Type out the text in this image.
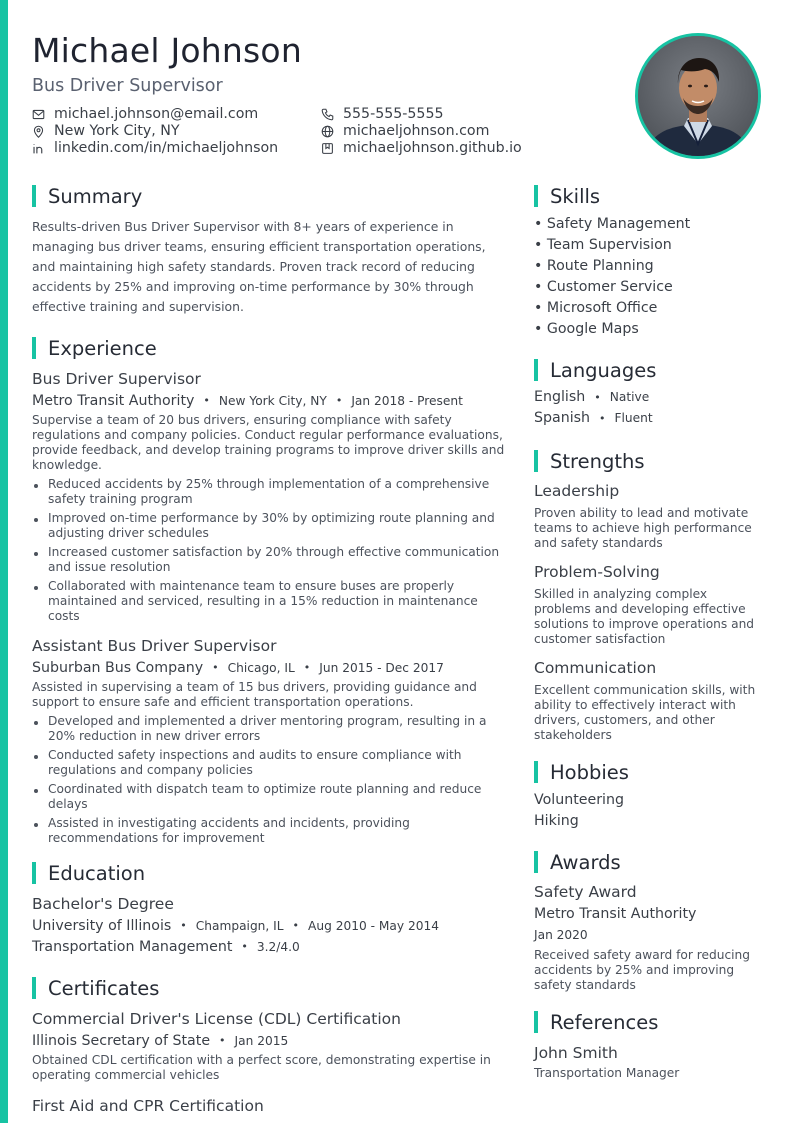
Michael Johnson
Bus Driver Supervisor
michael.johnson@email.com	555-555-5555
New York City, NY	michaeljohnson.com
linkedin.com/in/michaeljohnson	michaeljohnson.github.io
Summary
Results-driven Bus Driver Supervisor with 8+ years of experience in managing bus driver teams, ensuring efficient transportation operations, and maintaining high safety standards. Proven track record of reducing accidents by 25% and improving on-time performance by 30% through effective training and supervision.
Experience
Bus Driver Supervisor
Metro Transit Authority • New York City, NY • Jan 2018 - Present
Supervise a team of 20 bus drivers, ensuring compliance with safety regulations and company policies. Conduct regular performance evaluations, provide feedback, and develop training programs to improve driver skills and knowledge.
Reduced accidents by 25% through implementation of a comprehensive safety training program
Improved on-time performance by 30% by optimizing route planning and adjusting driver schedules
Increased customer satisfaction by 20% through effective communication and issue resolution
Collaborated with maintenance team to ensure buses are properly maintained and serviced, resulting in a 15% reduction in maintenance costs
Assistant Bus Driver Supervisor
Suburban Bus Company • Chicago, IL • Jun 2015 - Dec 2017
Assisted in supervising a team of 15 bus drivers, providing guidance and support to ensure safe and efficient transportation operations.
Developed and implemented a driver mentoring program, resulting in a 20% reduction in new driver errors
Conducted safety inspections and audits to ensure compliance with regulations and company policies
Coordinated with dispatch team to optimize route planning and reduce delays
Assisted in investigating accidents and incidents, providing recommendations for improvement
Education
Bachelor's Degree
University of Illinois • Champaign, IL • Aug 2010 - May 2014
Transportation Management • 3.2/4.0
Certificates
Commercial Driver's License (CDL) Certification
Illinois Secretary of State • Jan 2015
Obtained CDL certification with a perfect score, demonstrating expertise in operating commercial vehicles
First Aid and CPR Certification
Skills
• Safety Management
• Team Supervision
• Route Planning
• Customer Service
• Microsoft Office
• Google Maps
Languages
English • Native
Spanish • Fluent
Strengths
Leadership
Proven ability to lead and motivate teams to achieve high performance and safety standards
Problem-Solving
Skilled in analyzing complex problems and developing effective solutions to improve operations and customer satisfaction
Communication
Excellent communication skills, with ability to effectively interact with drivers, customers, and other stakeholders
Hobbies
Volunteering
Hiking
Awards
Safety Award
Metro Transit Authority
Jan 2020
Received safety award for reducing accidents by 25% and improving safety standards
References
John Smith
Transportation Manager
